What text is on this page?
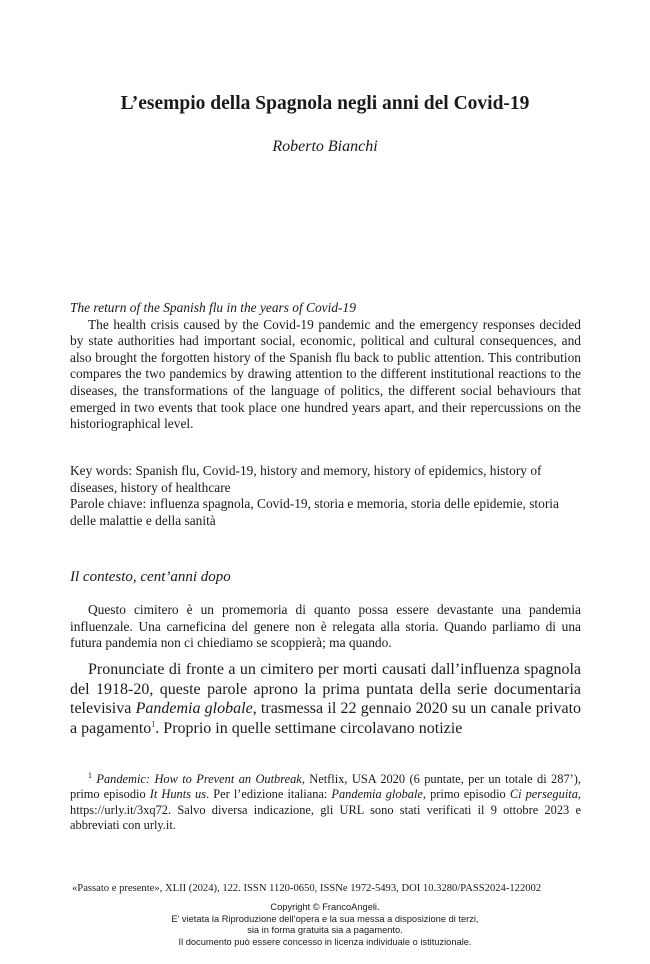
L’esempio della Spagnola negli anni del Covid-19
Roberto Bianchi
The return of the Spanish flu in the years of Covid-19

The health crisis caused by the Covid-19 pandemic and the emergency responses decided by state authorities had important social, economic, political and cultural consequences, and also brought the forgotten history of the Spanish flu back to public attention. This contribution compares the two pandemics by drawing attention to the different institutional reactions to the diseases, the transformations of the language of politics, the different social behaviours that emerged in two events that took place one hundred years apart, and their repercussions on the historiographical level.

Key words: Spanish flu, Covid-19, history and memory, history of epidemics, history of diseases, history of healthcare

Parole chiave: influenza spagnola, Covid-19, storia e memoria, storia delle epidemie, storia delle malattie e della sanità

Il contesto, cent’anni dopo

Questo cimitero è un promemoria di quanto possa essere devastante una pandemia influenzale. Una carneficina del genere non è relegata alla storia. Quando parliamo di una futura pandemia non ci chiediamo se scoppierà; ma quando.

Pronunciate di fronte a un cimitero per morti causati dall’influenza spagnola del 1918-20, queste parole aprono la prima puntata della serie documentaria televisiva Pandemia globale, trasmessa il 22 gennaio 2020 su un canale privato a pagamento$^1$. Proprio in quelle settimane circolavano notizie

$^1$ Pandemic: How to Prevent an Outbreak, Netflix, USA 2020 (6 puntate, per un totale di 287’), primo episodio It Hunts us. Per l’edizione italiana: Pandemia globale, primo episodio Ci perseguita, https://urly.it/3xq72. Salvo diversa indicazione, gli URL sono stati verificati il 9 ottobre 2023 e abbreviati con urly.it.

«Passato e presente», XLII (2024), 122. ISSN 1120-0650, ISSNe 1972-5493, DOI 10.3280/PASS2024-122002
Copyright © FrancoAngeli.
E’ vietata la Riproduzione dell’opera e la sua messa a disposizione di terzi,
sia in forma gratuita sia a pagamento.
Il documento può essere concesso in licenza individuale o istituzionale.
